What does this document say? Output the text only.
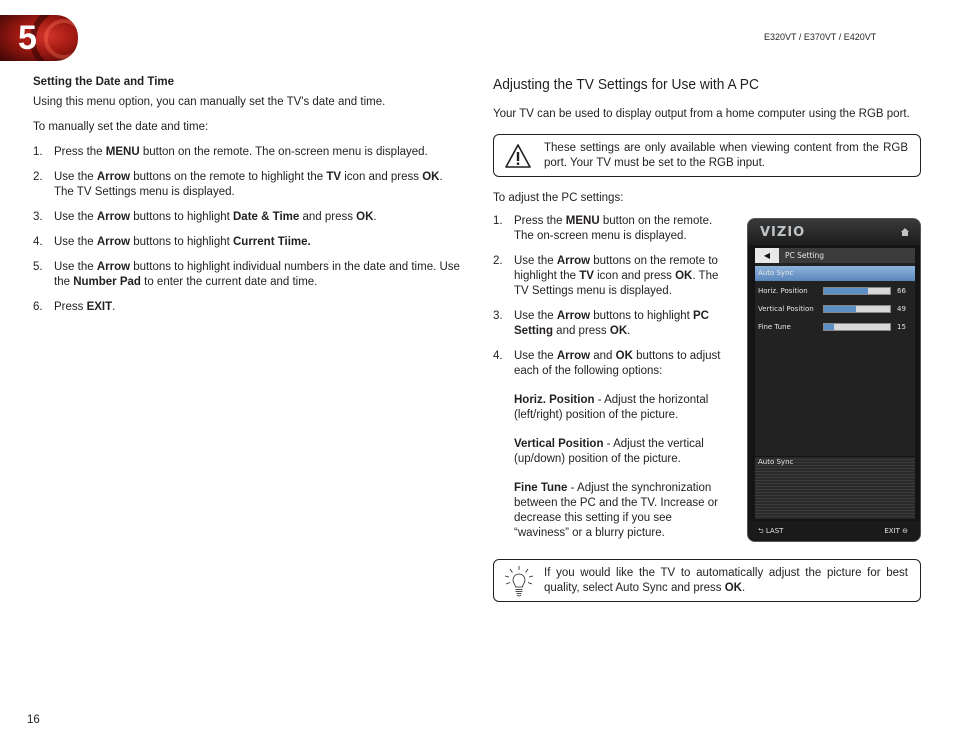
5	E320VT / E370VT / E420VT
Setting the Date and Time
Using this menu option, you can manually set the TV's date and time.
To manually set the date and time:
1. Press the MENU button on the remote. The on-screen menu is displayed.
2. Use the Arrow buttons on the remote to highlight the TV icon and press OK. The TV Settings menu is displayed.
3. Use the Arrow buttons to highlight Date & Time and press OK.
4. Use the Arrow buttons to highlight Current Tiime.
5. Use the Arrow buttons to highlight individual numbers in the date and time. Use the Number Pad to enter the current date and time.
6. Press EXIT.
Adjusting the TV Settings for Use with A PC
Your TV can be used to display output from a home computer using the RGB port.
These settings are only available when viewing content from the RGB port. Your TV must be set to the RGB input.
To adjust the PC settings:
1. Press the MENU button on the remote. The on-screen menu is displayed.
2. Use the Arrow buttons on the remote to highlight the TV icon and press OK. The TV Settings menu is displayed.
3. Use the Arrow buttons to highlight PC Setting and press OK.
4. Use the Arrow and OK buttons to adjust each of the following options:
Horiz. Position - Adjust the horizontal (left/right) position of the picture.
Vertical Position - Adjust the vertical (up/down) position of the picture.
Fine Tune - Adjust the synchronization between the PC and the TV. Increase or decrease this setting if you see “waviness” or a blurry picture.
VIZIO
◀	PC Setting
Auto Sync
Horiz. Position	66
Vertical Position	49
Fine Tune	15
Auto Sync
⮌ LAST	EXIT ⊖
If you would like the TV to automatically adjust the picture for best quality, select Auto Sync and press OK.
16
